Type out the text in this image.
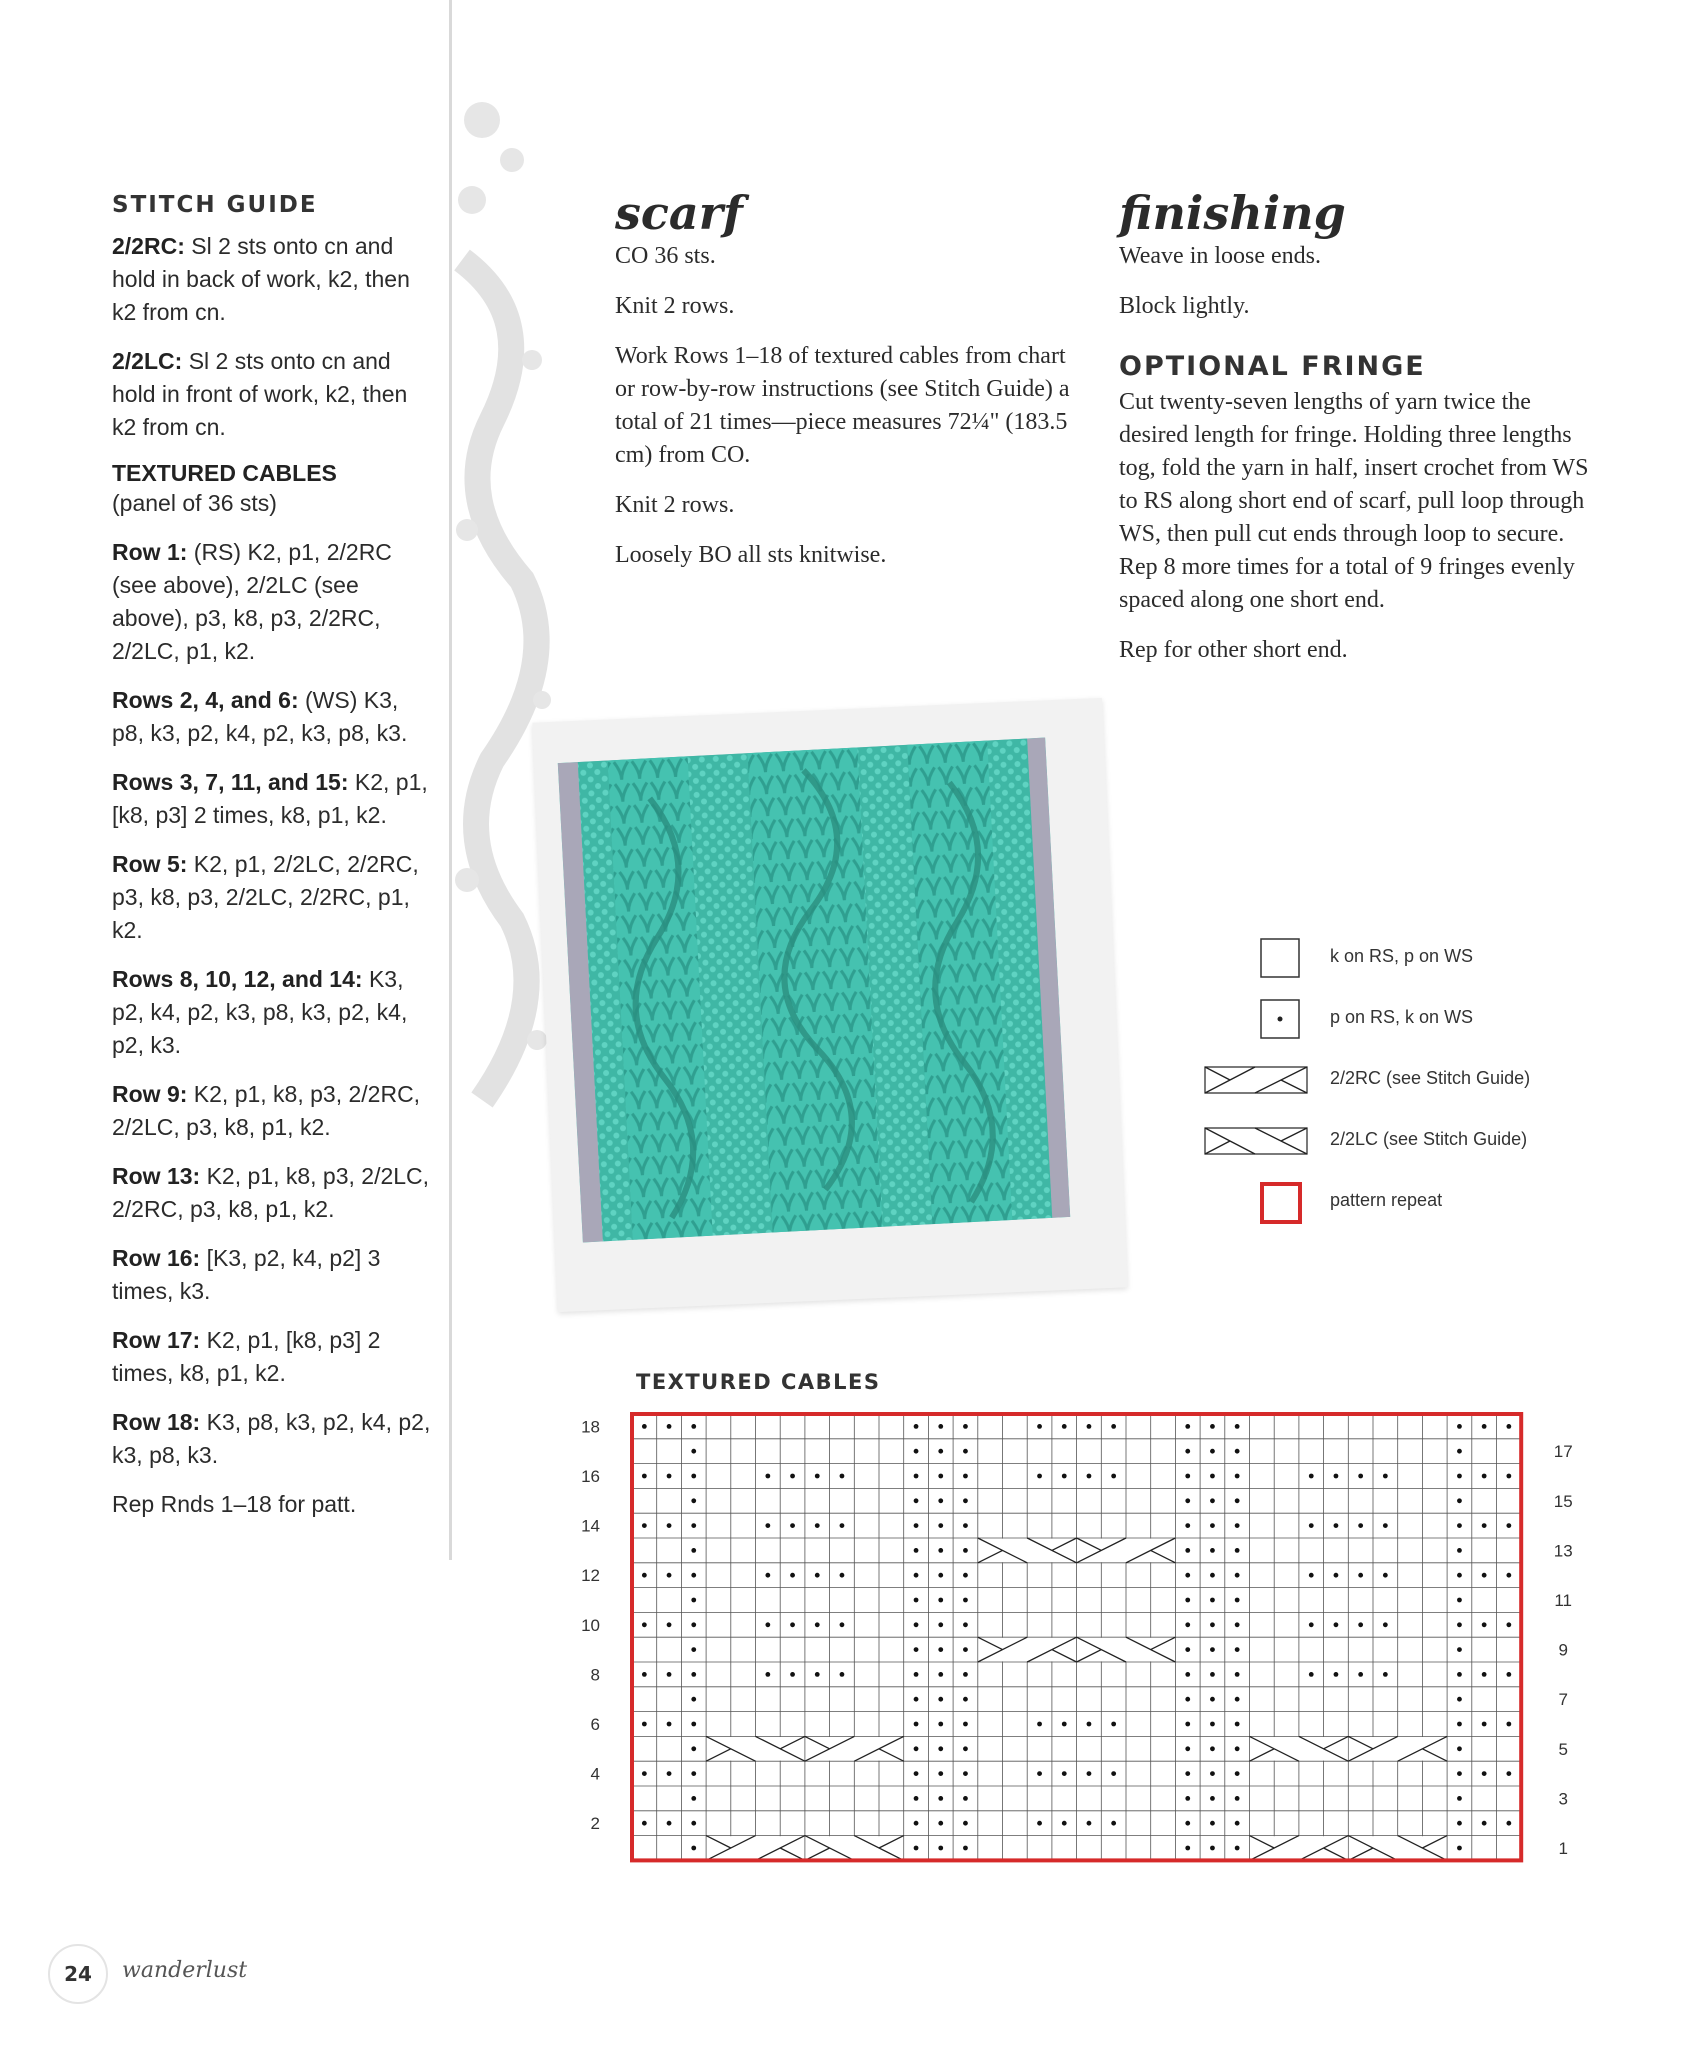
STITCH GUIDE

2/2RC: Sl 2 sts onto cn and hold in back of work, k2, then k2 from cn.

2/2LC: Sl 2 sts onto cn and hold in front of work, k2, then k2 from cn.

TEXTURED CABLES

(panel of 36 sts)

Row 1: (RS) K2, p1, 2/2RC (see above), 2/2LC (see above), p3, k8, p3, 2/2RC, 2/2LC, p1, k2.

Rows 2, 4, and 6: (WS) K3, p8, k3, p2, k4, p2, k3, p8, k3.

Rows 3, 7, 11, and 15: K2, p1, [k8, p3] 2 times, k8, p1, k2.

Row 5: K2, p1, 2/2LC, 2/2RC, p3, k8, p3, 2/2LC, 2/2RC, p1, k2.

Rows 8, 10, 12, and 14: K3, p2, k4, p2, k3, p8, k3, p2, k4, p2, k3.

Row 9: K2, p1, k8, p3, 2/2RC, 2/2LC, p3, k8, p1, k2.

Row 13: K2, p1, k8, p3, 2/2LC, 2/2RC, p3, k8, p1, k2.

Row 16: [K3, p2, k4, p2] 3 times, k3.

Row 17: K2, p1, [k8, p3] 2 times, k8, p1, k2.

Row 18: K3, p8, k3, p2, k4, p2, k3, p8, k3.

Rep Rnds 1–18 for patt.

scarf

CO 36 sts.

Knit 2 rows.

Work Rows 1–18 of textured cables from chart or row-by-row instructions (see Stitch Guide) a total of 21 times—piece measures 72¼" (183.5 cm) from CO.

Knit 2 rows.

Loosely BO all sts knitwise.

finishing

Weave in loose ends.

Block lightly.

OPTIONAL FRINGE

Cut twenty-seven lengths of yarn twice the desired length for fringe. Holding three lengths tog, fold the yarn in half, insert crochet from WS to RS along short end of scarf, pull loop through WS, then pull cut ends through loop to secure. Rep 8 more times for a total of 9 fringes evenly spaced along one short end.

Rep for other short end.

k on RS, p on WS
p on RS, k on WS
2/2RC (see Stitch Guide)
2/2LC (see Stitch Guide)
pattern repeat
TEXTURED CABLES
2
4
6
8
10
12
14
16
18
1
3
5
7
9
11
13
15
17
24	wanderlust
